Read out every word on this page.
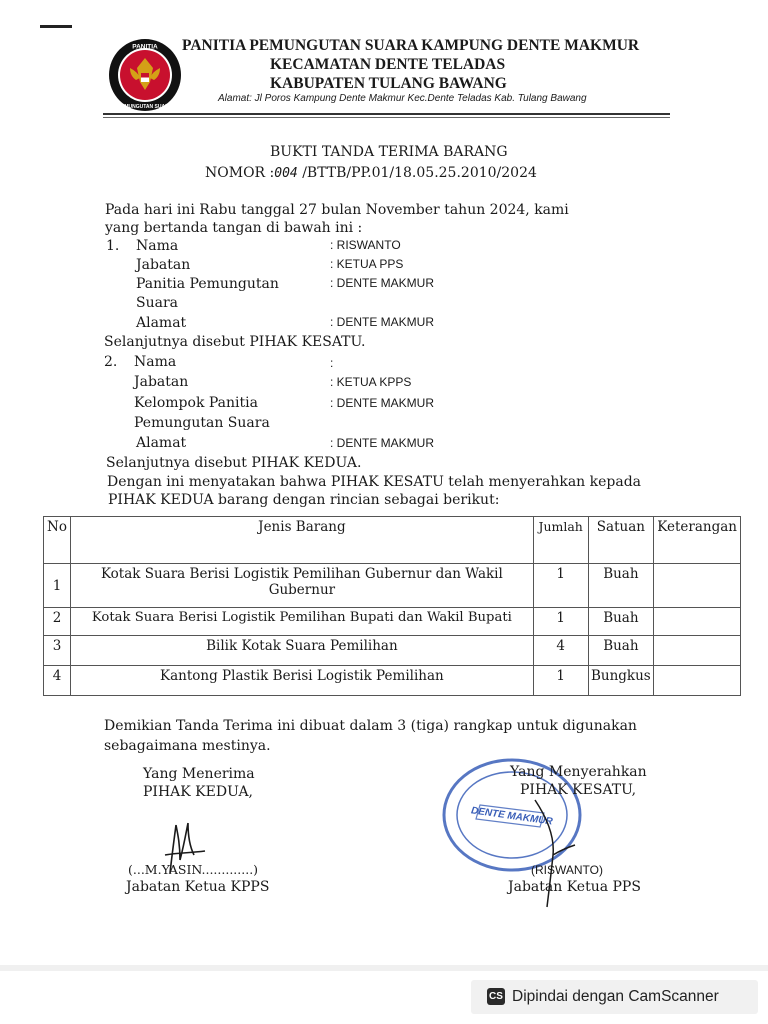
PANITIA
PEMUNGUTAN SUARA
PANITIA PEMUNGUTAN SUARA KAMPUNG DENTE MAKMUR
KECAMATAN DENTE TELADAS
KABUPATEN TULANG BAWANG
Alamat: Jl Poros Kampung Dente Makmur Kec.Dente Teladas Kab. Tulang Bawang
BUKTI TANDA TERIMA BARANG
NOMOR :004 /BTTB/PP.01/18.05.25.2010/2024
Pada hari ini Rabu tanggal 27 bulan November tahun 2024, kami
yang bertanda tangan di bawah ini :
1. Nama	: RISWANTO
Jabatan	: KETUA PPS
Panitia Pemungutan	: DENTE MAKMUR
Suara
Alamat	: DENTE MAKMUR
Selanjutnya disebut PIHAK KESATU.
2. Nama	:
Jabatan	: KETUA KPPS
Kelompok Panitia	: DENTE MAKMUR
Pemungutan Suara
Alamat	: DENTE MAKMUR
Selanjutnya disebut PIHAK KEDUA.
Dengan ini menyatakan bahwa PIHAK KESATU telah menyerahkan kepada
PIHAK KEDUA barang dengan rincian sebagai berikut:
No	Jenis Barang	Jumlah	Satuan	Keterangan
1	Kotak Suara Berisi Logistik Pemilihan Gubernur dan Wakil Gubernur	1	Buah	
2	Kotak Suara Berisi Logistik Pemilihan Bupati dan Wakil Bupati	1	Buah	
3	Bilik Kotak Suara Pemilihan	4	Buah	
4	Kantong Plastik Berisi Logistik Pemilihan	1	Bungkus	
Demikian Tanda Terima ini dibuat dalam 3 (tiga) rangkap untuk digunakan
sebagaimana mestinya.
Yang Menerima
PIHAK KEDUA,
(...M.YASIN.............)
Jabatan Ketua KPPS
DENTE MAKMUR
Yang Menyerahkan
PIHAK KESATU,
(RISWANTO)
Jabatan Ketua PPS
CS Dipindai dengan CamScanner
